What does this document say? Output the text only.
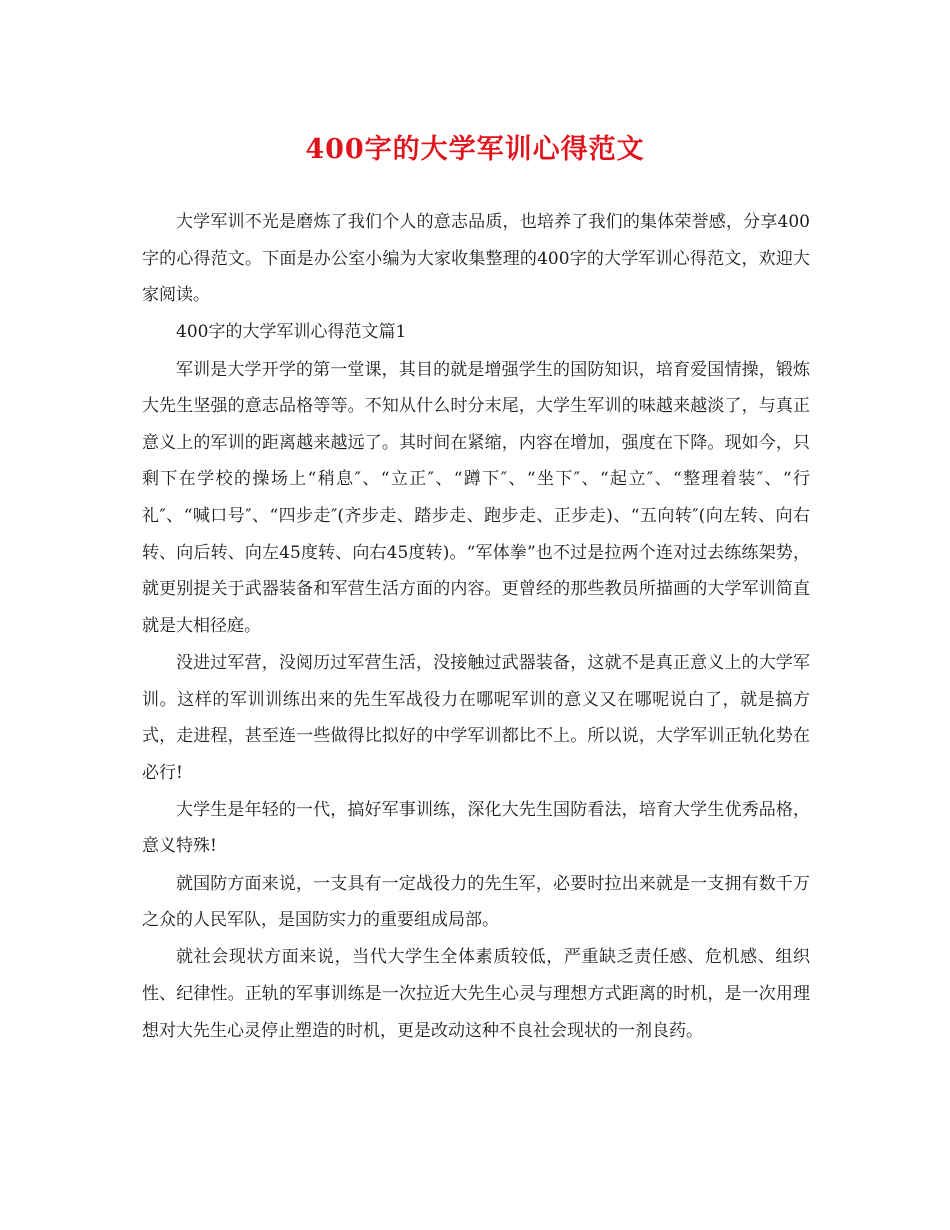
400字的大学军训心得范文

大学军训不光是磨炼了我们个人的意志品质，也培养了我们的集体荣誉感，分享400字的心得范文。下面是办公室小编为大家收集整理的400字的大学军训心得范文，欢迎大家阅读。

400字的大学军训心得范文篇1

军训是大学开学的第一堂课，其目的就是增强学生的国防知识，培育爱国情操，锻炼大先生坚强的意志品格等等。不知从什么时分末尾，大学生军训的味越来越淡了，与真正意义上的军训的距离越来越远了。其时间在紧缩，内容在增加，强度在下降。现如今，只剩下在学校的操场上“稍息″、“立正″、“蹲下″、“坐下″、“起立″、“整理着装″、“行礼″、“喊口号″、“四步走″(齐步走、踏步走、跑步走、正步走)、“五向转″(向左转、向右转、向后转、向左45度转、向右45度转)。“军体拳”也不过是拉两个连对过去练练架势，就更别提关于武器装备和军营生活方面的内容。更曾经的那些教员所描画的大学军训简直就是大相径庭。

没进过军营，没阅历过军营生活，没接触过武器装备，这就不是真正意义上的大学军训。这样的军训训练出来的先生军战役力在哪呢军训的意义又在哪呢说白了，就是搞方式，走进程，甚至连一些做得比拟好的中学军训都比不上。所以说，大学军训正轨化势在必行!

大学生是年轻的一代，搞好军事训练，深化大先生国防看法，培育大学生优秀品格，意义特殊!

就国防方面来说，一支具有一定战役力的先生军，必要时拉出来就是一支拥有数千万之众的人民军队，是国防实力的重要组成局部。

就社会现状方面来说，当代大学生全体素质较低，严重缺乏责任感、危机感、组织性、纪律性。正轨的军事训练是一次拉近大先生心灵与理想方式距离的时机，是一次用理想对大先生心灵停止塑造的时机，更是改动这种不良社会现状的一剂良药。
